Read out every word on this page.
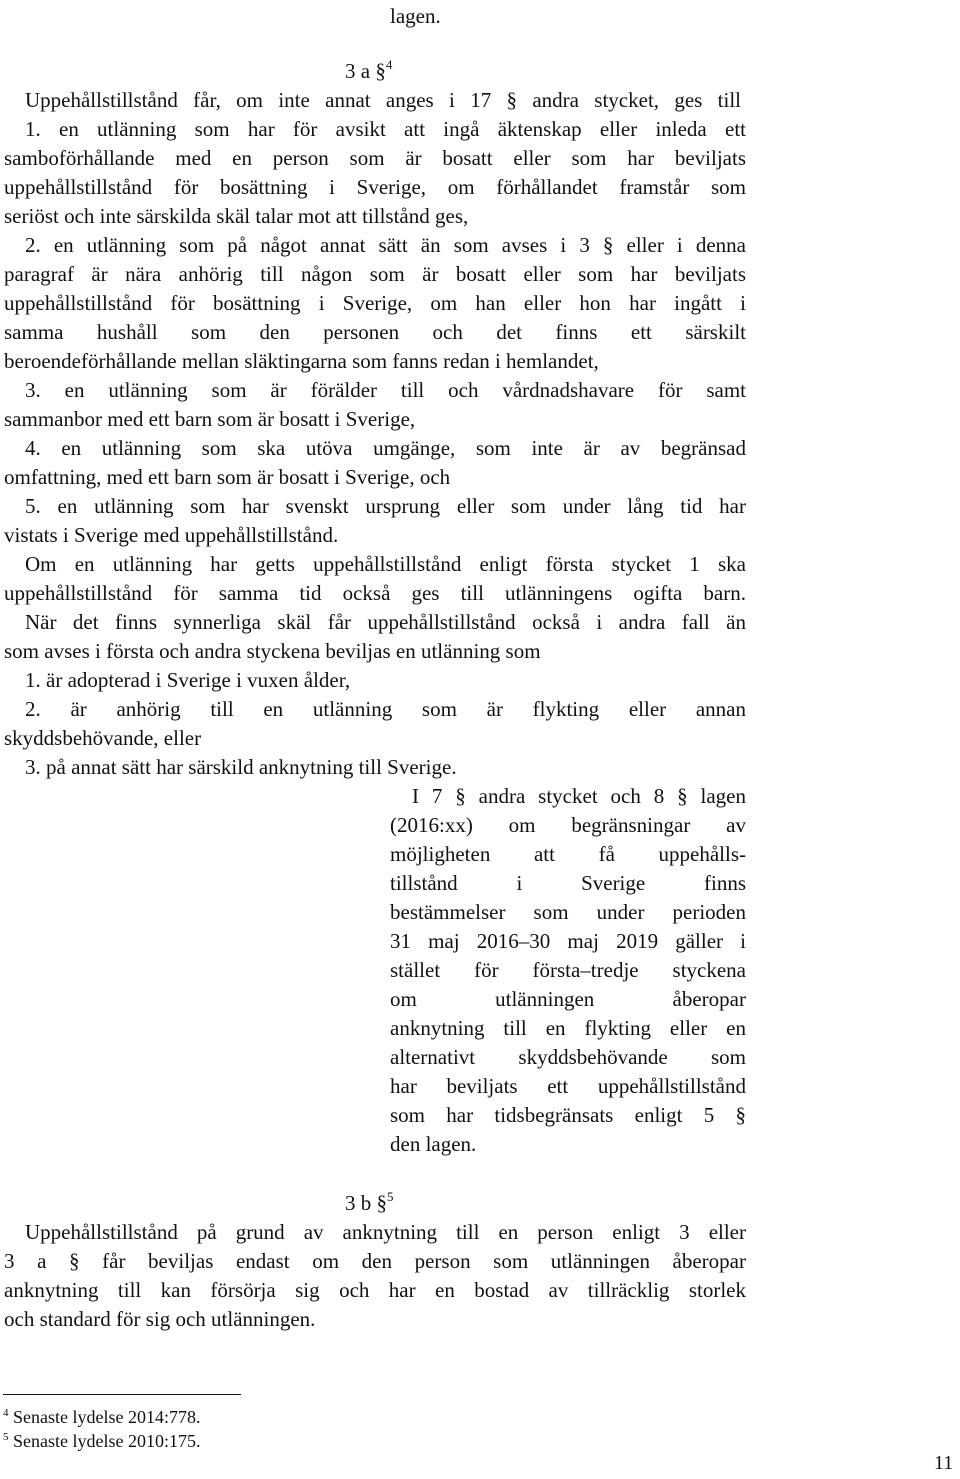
lagen.
3 a §$^4$
Uppehållstillstånd får, om inte annat anges i 17 § andra stycket, ges till
1. en utlänning som har för avsikt att ingå äktenskap eller inleda ett
samboförhållande med en person som är bosatt eller som har beviljats
uppehållstillstånd för bosättning i Sverige, om förhållandet framstår som
seriöst och inte särskilda skäl talar mot att tillstånd ges,
2. en utlänning som på något annat sätt än som avses i 3 § eller i denna
paragraf är nära anhörig till någon som är bosatt eller som har beviljats
uppehållstillstånd för bosättning i Sverige, om han eller hon har ingått i
samma hushåll som den personen och det finns ett särskilt
beroendeförhållande mellan släktingarna som fanns redan i hemlandet,
3. en utlänning som är förälder till och vårdnadshavare för samt
sammanbor med ett barn som är bosatt i Sverige,
4. en utlänning som ska utöva umgänge, som inte är av begränsad
omfattning, med ett barn som är bosatt i Sverige, och
5. en utlänning som har svenskt ursprung eller som under lång tid har
vistats i Sverige med uppehållstillstånd.
Om en utlänning har getts uppehållstillstånd enligt första stycket 1 ska
uppehållstillstånd för samma tid också ges till utlänningens ogifta barn.
När det finns synnerliga skäl får uppehållstillstånd också i andra fall än
som avses i första och andra styckena beviljas en utlänning som
1. är adopterad i Sverige i vuxen ålder,
2. är anhörig till en utlänning som är flykting eller annan
skyddsbehövande, eller
3. på annat sätt har särskild anknytning till Sverige.
I 7 § andra stycket och 8 § lagen
(2016:xx) om begränsningar av
möjligheten att få uppehålls-
tillstånd i Sverige finns
bestämmelser som under perioden
31 maj 2016–30 maj 2019 gäller i
stället för första–tredje styckena
om utlänningen åberopar
anknytning till en flykting eller en
alternativt skyddsbehövande som
har beviljats ett uppehållstillstånd
som har tidsbegränsats enligt 5 §
den lagen.
3 b §$^5$
Uppehållstillstånd på grund av anknytning till en person enligt 3 eller
3 a § får beviljas endast om den person som utlänningen åberopar
anknytning till kan försörja sig och har en bostad av tillräcklig storlek
och standard för sig och utlänningen.
$^4$ Senaste lydelse 2014:778.
$^5$ Senaste lydelse 2010:175.
11
